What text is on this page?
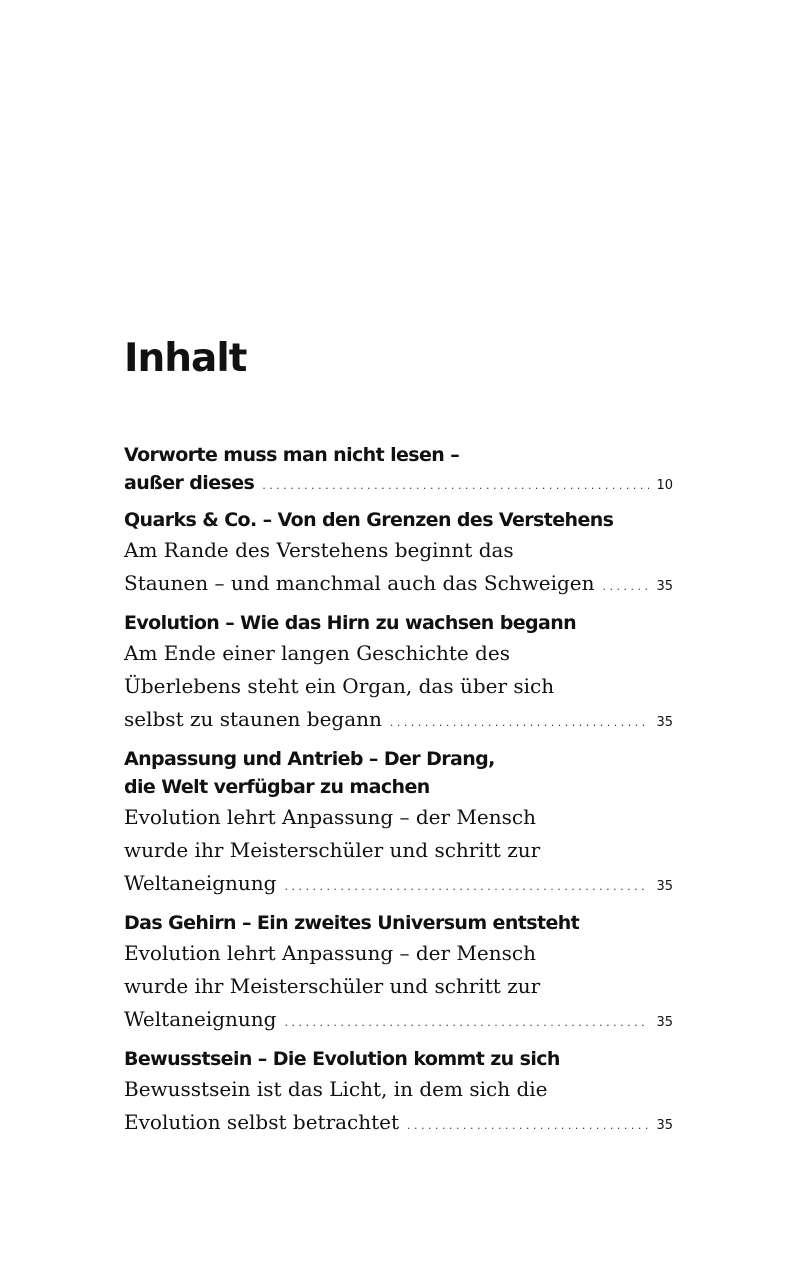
Inhalt
Vorworte muss man nicht lesen –
außer dieses . . .	10
Quarks & Co. – Von den Grenzen des Verstehens
Am Rande des Verstehens beginnt das
Staunen – und manchmal auch das Schweigen . . .	35
Evolution – Wie das Hirn zu wachsen begann
Am Ende einer langen Geschichte des
Überlebens steht ein Organ, das über sich
selbst zu staunen begann . . .	35
Anpassung und Antrieb – Der Drang,
die Welt verfügbar zu machen
Evolution lehrt Anpassung – der Mensch
wurde ihr Meisterschüler und schritt zur
Weltaneignung . . .	35
Das Gehirn – Ein zweites Universum entsteht
Evolution lehrt Anpassung – der Mensch
wurde ihr Meisterschüler und schritt zur
Weltaneignung . . .	35
Bewusstsein – Die Evolution kommt zu sich
Bewusstsein ist das Licht, in dem sich die
Evolution selbst betrachtet . . .	35
